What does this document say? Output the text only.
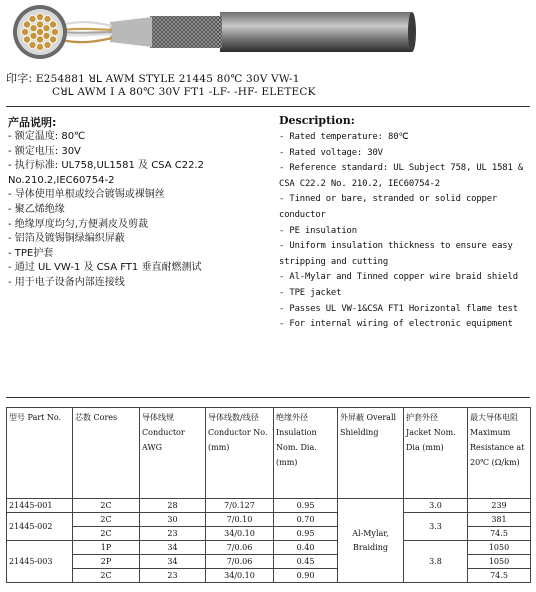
印字: E254881 ꓤꓡ AWM STYLE 21445 80℃ 30V VW-1
Cꓤꓡ AWM I A 80℃ 30V FT1 -LF- -HF- ELETECK
产品说明:	Description:
- 额定温度: 80℃
- 额定电压: 30V
- 执行标准: UL758,UL1581 及 CSA C22.2 No.210.2,IEC60754-2
- 导体使用单根或绞合镀锡或裸铜丝
- 聚乙烯绝缘
- 绝缘厚度均匀,方便剥皮及剪裁
- 铝箔及镀锡铜绿编织屏蔽
- TPE护套
- 通过 UL VW-1 及 CSA FT1 垂直耐燃测试
- 用于电子设备内部连接线
- Rated temperature: 80℃
- Rated voltage: 30V
- Reference standard: UL Subject 758, UL 1581 & CSA C22.2 No. 210.2, IEC60754-2
- Tinned or bare, stranded or solid copper conductor
- PE insulation
- Uniform insulation thickness to ensure easy stripping and cutting
- Al-Mylar and Tinned copper wire braid shield
- TPE jacket
- Passes UL VW-1&CSA FT1 Horizontal flame test
- For internal wiring of electronic equipment
型号 Part No.	芯数 Cores	导体线规 Conductor AWG	导体线数/线径 Conductor No.(mm)	绝缘外径 Insulation Nom. Dia. (mm)	外屏蔽 Overall Shielding	护套外径 Jacket Nom. Dia (mm)	最大导体电阻 Maximum Resistance at 20℃ (Ω/km)
21445-001	2C	28	7/0.127	0.95	Al-Mylar, Braiding	3.0	239
21445-002	2C	30	7/0.10	0.70		3.3	381
	2C	23	34/0.10	0.95			74.5
21445-003	1P	34	7/0.06	0.40		3.8	1050
	2P	34	7/0.06	0.45			1050
	2C	23	34/0.10	0.90			74.5
